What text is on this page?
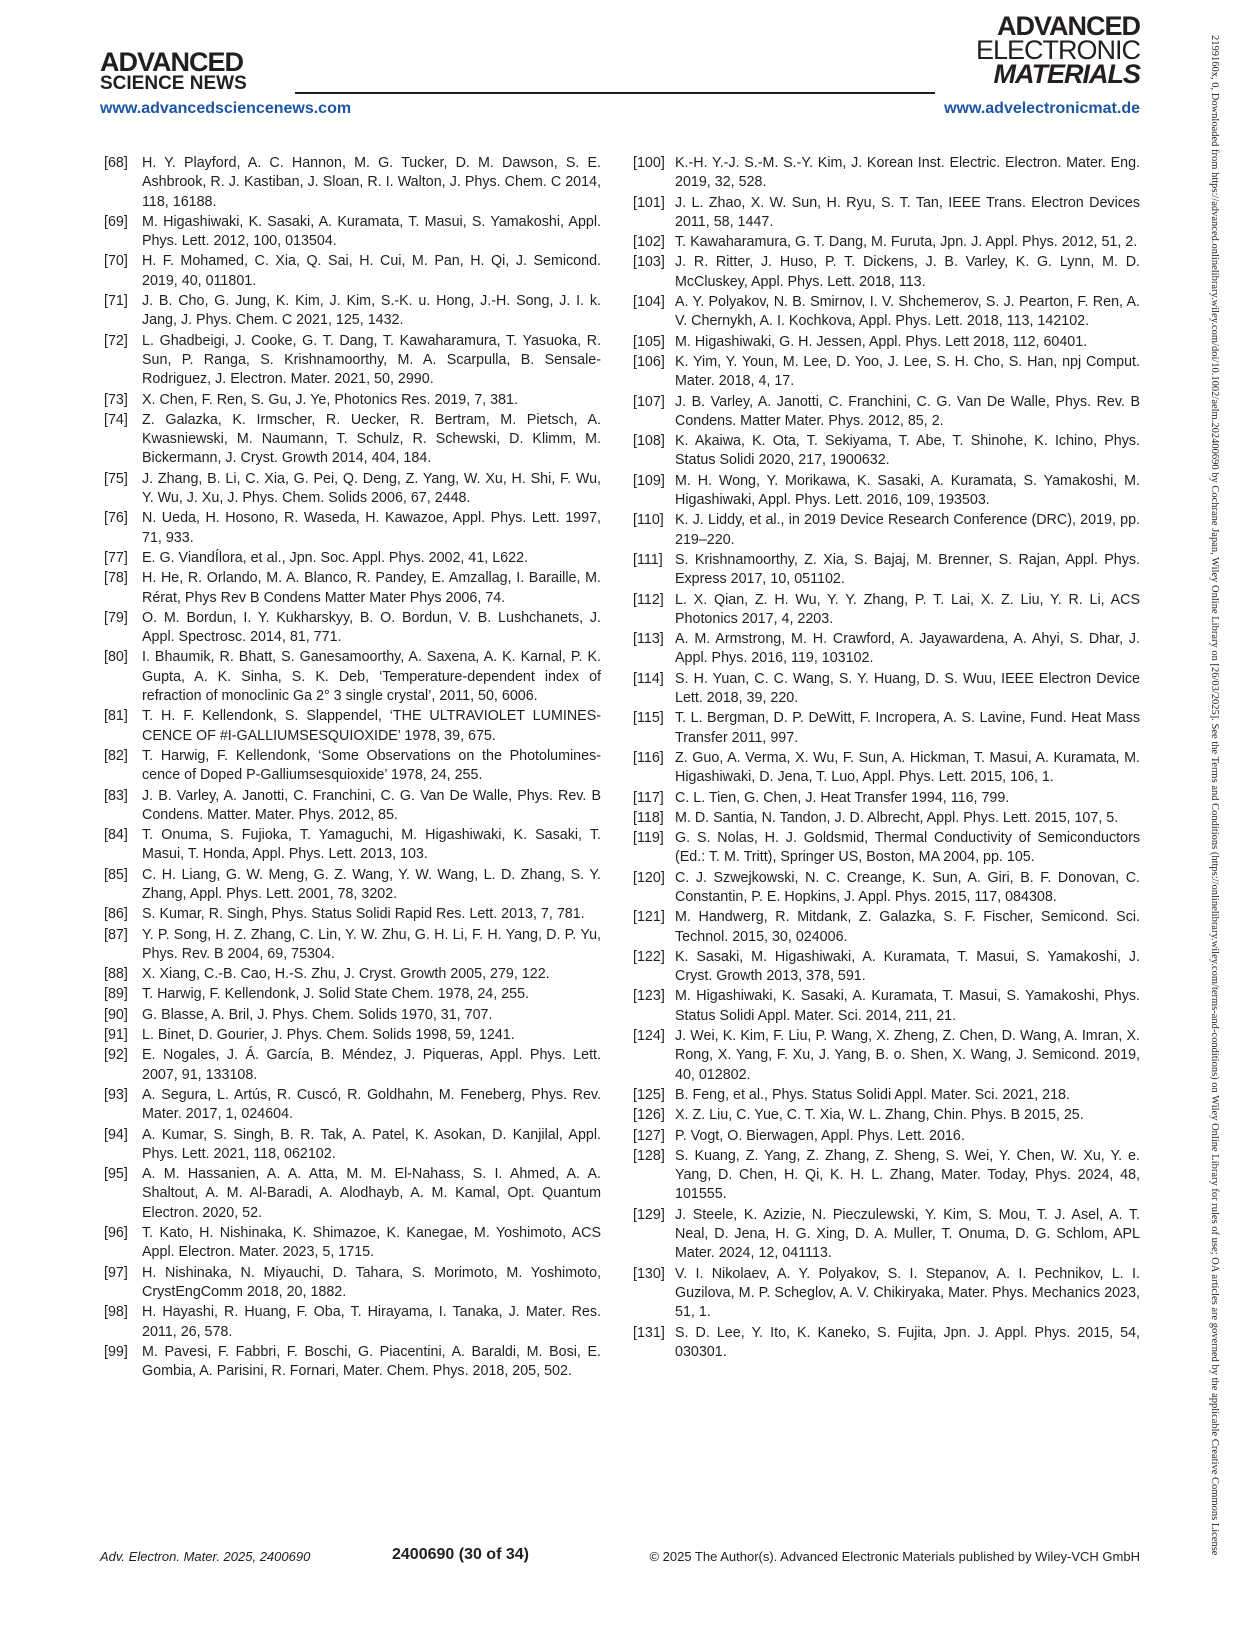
ADVANCED
SCIENCE NEWS
ADVANCED
ELECTRONIC
MATERIALS
www.advancedsciencenews.com	www.advelectronicmat.de
[68] H. Y. Playford, A. C. Hannon, M. G. Tucker, D. M. Dawson, S. E. Ashbrook, R. J. Kastiban, J. Sloan, R. I. Walton, J. Phys. Chem. C 2014, 118, 16188.
[69] M. Higashiwaki, K. Sasaki, A. Kuramata, T. Masui, S. Yamakoshi, Appl. Phys. Lett. 2012, 100, 013504.
[70] H. F. Mohamed, C. Xia, Q. Sai, H. Cui, M. Pan, H. Qi, J. Semicond. 2019, 40, 011801.
[71] J. B. Cho, G. Jung, K. Kim, J. Kim, S.-K. u. Hong, J.-H. Song, J. I. k. Jang, J. Phys. Chem. C 2021, 125, 1432.
[72] L. Ghadbeigi, J. Cooke, G. T. Dang, T. Kawaharamura, T. Yasuoka, R. Sun, P. Ranga, S. Krishnamoorthy, M. A. Scarpulla, B. Sensale-Rodriguez, J. Electron. Mater. 2021, 50, 2990.
[73] X. Chen, F. Ren, S. Gu, J. Ye, Photonics Res. 2019, 7, 381.
[74] Z. Galazka, K. Irmscher, R. Uecker, R. Bertram, M. Pietsch, A. Kwasniewski, M. Naumann, T. Schulz, R. Schewski, D. Klimm, M. Bickermann, J. Cryst. Growth 2014, 404, 184.
[75] J. Zhang, B. Li, C. Xia, G. Pei, Q. Deng, Z. Yang, W. Xu, H. Shi, F. Wu, Y. Wu, J. Xu, J. Phys. Chem. Solids 2006, 67, 2448.
[76] N. Ueda, H. Hosono, R. Waseda, H. Kawazoe, Appl. Phys. Lett. 1997, 71, 933.
[77] E. G. ViandÍlora, et al., Jpn. Soc. Appl. Phys. 2002, 41, L622.
[78] H. He, R. Orlando, M. A. Blanco, R. Pandey, E. Amzallag, I. Baraille, M. Rérat, Phys Rev B Condens Matter Mater Phys 2006, 74.
[79] O. M. Bordun, I. Y. Kukharskyy, B. O. Bordun, V. B. Lushchanets, J. Appl. Spectrosc. 2014, 81, 771.
[80] I. Bhaumik, R. Bhatt, S. Ganesamoorthy, A. Saxena, A. K. Karnal, P. K. Gupta, A. K. Sinha, S. K. Deb, ‘Temperature-dependent index of refraction of monoclinic Ga 2° 3 single crystal’, 2011, 50, 6006.
[81] T. H. F. Kellendonk, S. Slappendel, ‘THE ULTRAVIOLET LUMINES-CENCE OF #I-GALLIUMSESQUIOXIDE’ 1978, 39, 675.
[82] T. Harwig, F. Kellendonk, ‘Some Observations on the Photolumines-cence of Doped P-Galliumsesquioxide’ 1978, 24, 255.
[83] J. B. Varley, A. Janotti, C. Franchini, C. G. Van De Walle, Phys. Rev. B Condens. Matter. Mater. Phys. 2012, 85.
[84] T. Onuma, S. Fujioka, T. Yamaguchi, M. Higashiwaki, K. Sasaki, T. Masui, T. Honda, Appl. Phys. Lett. 2013, 103.
[85] C. H. Liang, G. W. Meng, G. Z. Wang, Y. W. Wang, L. D. Zhang, S. Y. Zhang, Appl. Phys. Lett. 2001, 78, 3202.
[86] S. Kumar, R. Singh, Phys. Status Solidi Rapid Res. Lett. 2013, 7, 781.
[87] Y. P. Song, H. Z. Zhang, C. Lin, Y. W. Zhu, G. H. Li, F. H. Yang, D. P. Yu, Phys. Rev. B 2004, 69, 75304.
[88] X. Xiang, C.-B. Cao, H.-S. Zhu, J. Cryst. Growth 2005, 279, 122.
[89] T. Harwig, F. Kellendonk, J. Solid State Chem. 1978, 24, 255.
[90] G. Blasse, A. Bril, J. Phys. Chem. Solids 1970, 31, 707.
[91] L. Binet, D. Gourier, J. Phys. Chem. Solids 1998, 59, 1241.
[92] E. Nogales, J. Á. García, B. Méndez, J. Piqueras, Appl. Phys. Lett. 2007, 91, 133108.
[93] A. Segura, L. Artús, R. Cuscó, R. Goldhahn, M. Feneberg, Phys. Rev. Mater. 2017, 1, 024604.
[94] A. Kumar, S. Singh, B. R. Tak, A. Patel, K. Asokan, D. Kanjilal, Appl. Phys. Lett. 2021, 118, 062102.
[95] A. M. Hassanien, A. A. Atta, M. M. El-Nahass, S. I. Ahmed, A. A. Shaltout, A. M. Al-Baradi, A. Alodhayb, A. M. Kamal, Opt. Quantum Electron. 2020, 52.
[96] T. Kato, H. Nishinaka, K. Shimazoe, K. Kanegae, M. Yoshimoto, ACS Appl. Electron. Mater. 2023, 5, 1715.
[97] H. Nishinaka, N. Miyauchi, D. Tahara, S. Morimoto, M. Yoshimoto, CrystEngComm 2018, 20, 1882.
[98] H. Hayashi, R. Huang, F. Oba, T. Hirayama, I. Tanaka, J. Mater. Res. 2011, 26, 578.
[99] M. Pavesi, F. Fabbri, F. Boschi, G. Piacentini, A. Baraldi, M. Bosi, E. Gombia, A. Parisini, R. Fornari, Mater. Chem. Phys. 2018, 205, 502.
[100] K.-H. Y.-J. S.-M. S.-Y. Kim, J. Korean Inst. Electric. Electron. Mater. Eng. 2019, 32, 528.
[101] J. L. Zhao, X. W. Sun, H. Ryu, S. T. Tan, IEEE Trans. Electron Devices 2011, 58, 1447.
[102] T. Kawaharamura, G. T. Dang, M. Furuta, Jpn. J. Appl. Phys. 2012, 51, 2.
[103] J. R. Ritter, J. Huso, P. T. Dickens, J. B. Varley, K. G. Lynn, M. D. McCluskey, Appl. Phys. Lett. 2018, 113.
[104] A. Y. Polyakov, N. B. Smirnov, I. V. Shchemerov, S. J. Pearton, F. Ren, A. V. Chernykh, A. I. Kochkova, Appl. Phys. Lett. 2018, 113, 142102.
[105] M. Higashiwaki, G. H. Jessen, Appl. Phys. Lett 2018, 112, 60401.
[106] K. Yim, Y. Youn, M. Lee, D. Yoo, J. Lee, S. H. Cho, S. Han, npj Comput. Mater. 2018, 4, 17.
[107] J. B. Varley, A. Janotti, C. Franchini, C. G. Van De Walle, Phys. Rev. B Condens. Matter Mater. Phys. 2012, 85, 2.
[108] K. Akaiwa, K. Ota, T. Sekiyama, T. Abe, T. Shinohe, K. Ichino, Phys. Status Solidi 2020, 217, 1900632.
[109] M. H. Wong, Y. Morikawa, K. Sasaki, A. Kuramata, S. Yamakoshi, M. Higashiwaki, Appl. Phys. Lett. 2016, 109, 193503.
[110] K. J. Liddy, et al., in 2019 Device Research Conference (DRC), 2019, pp. 219–220.
[111] S. Krishnamoorthy, Z. Xia, S. Bajaj, M. Brenner, S. Rajan, Appl. Phys. Express 2017, 10, 051102.
[112] L. X. Qian, Z. H. Wu, Y. Y. Zhang, P. T. Lai, X. Z. Liu, Y. R. Li, ACS Photonics 2017, 4, 2203.
[113] A. M. Armstrong, M. H. Crawford, A. Jayawardena, A. Ahyi, S. Dhar, J. Appl. Phys. 2016, 119, 103102.
[114] S. H. Yuan, C. C. Wang, S. Y. Huang, D. S. Wuu, IEEE Electron Device Lett. 2018, 39, 220.
[115] T. L. Bergman, D. P. DeWitt, F. Incropera, A. S. Lavine, Fund. Heat Mass Transfer 2011, 997.
[116] Z. Guo, A. Verma, X. Wu, F. Sun, A. Hickman, T. Masui, A. Kuramata, M. Higashiwaki, D. Jena, T. Luo, Appl. Phys. Lett. 2015, 106, 1.
[117] C. L. Tien, G. Chen, J. Heat Transfer 1994, 116, 799.
[118] M. D. Santia, N. Tandon, J. D. Albrecht, Appl. Phys. Lett. 2015, 107, 5.
[119] G. S. Nolas, H. J. Goldsmid, Thermal Conductivity of Semiconductors (Ed.: T. M. Tritt), Springer US, Boston, MA 2004, pp. 105.
[120] C. J. Szwejkowski, N. C. Creange, K. Sun, A. Giri, B. F. Donovan, C. Constantin, P. E. Hopkins, J. Appl. Phys. 2015, 117, 084308.
[121] M. Handwerg, R. Mitdank, Z. Galazka, S. F. Fischer, Semicond. Sci. Technol. 2015, 30, 024006.
[122] K. Sasaki, M. Higashiwaki, A. Kuramata, T. Masui, S. Yamakoshi, J. Cryst. Growth 2013, 378, 591.
[123] M. Higashiwaki, K. Sasaki, A. Kuramata, T. Masui, S. Yamakoshi, Phys. Status Solidi Appl. Mater. Sci. 2014, 211, 21.
[124] J. Wei, K. Kim, F. Liu, P. Wang, X. Zheng, Z. Chen, D. Wang, A. Imran, X. Rong, X. Yang, F. Xu, J. Yang, B. o. Shen, X. Wang, J. Semicond. 2019, 40, 012802.
[125] B. Feng, et al., Phys. Status Solidi Appl. Mater. Sci. 2021, 218.
[126] X. Z. Liu, C. Yue, C. T. Xia, W. L. Zhang, Chin. Phys. B 2015, 25.
[127] P. Vogt, O. Bierwagen, Appl. Phys. Lett. 2016.
[128] S. Kuang, Z. Yang, Z. Zhang, Z. Sheng, S. Wei, Y. Chen, W. Xu, Y. e. Yang, D. Chen, H. Qi, K. H. L. Zhang, Mater. Today, Phys. 2024, 48, 101555.
[129] J. Steele, K. Azizie, N. Pieczulewski, Y. Kim, S. Mou, T. J. Asel, A. T. Neal, D. Jena, H. G. Xing, D. A. Muller, T. Onuma, D. G. Schlom, APL Mater. 2024, 12, 041113.
[130] V. I. Nikolaev, A. Y. Polyakov, S. I. Stepanov, A. I. Pechnikov, L. I. Guzilova, M. P. Scheglov, A. V. Chikiryaka, Mater. Phys. Mechanics 2023, 51, 1.
[131] S. D. Lee, Y. Ito, K. Kaneko, S. Fujita, Jpn. J. Appl. Phys. 2015, 54, 030301.
Adv. Electron. Mater. 2025, 2400690	2400690 (30 of 34)	© 2025 The Author(s). Advanced Electronic Materials published by Wiley-VCH GmbH
2199160x, 0, Downloaded from https://advanced.onlinelibrary.wiley.com/doi/10.1002/aelm.202400690 by Cochrane Japan, Wiley Online Library on [26/03/2025]. See the Terms and Conditions (https://onlinelibrary.wiley.com/terms-and-conditions) on Wiley Online Library for rules of use; OA articles are governed by the applicable Creative Commons License
